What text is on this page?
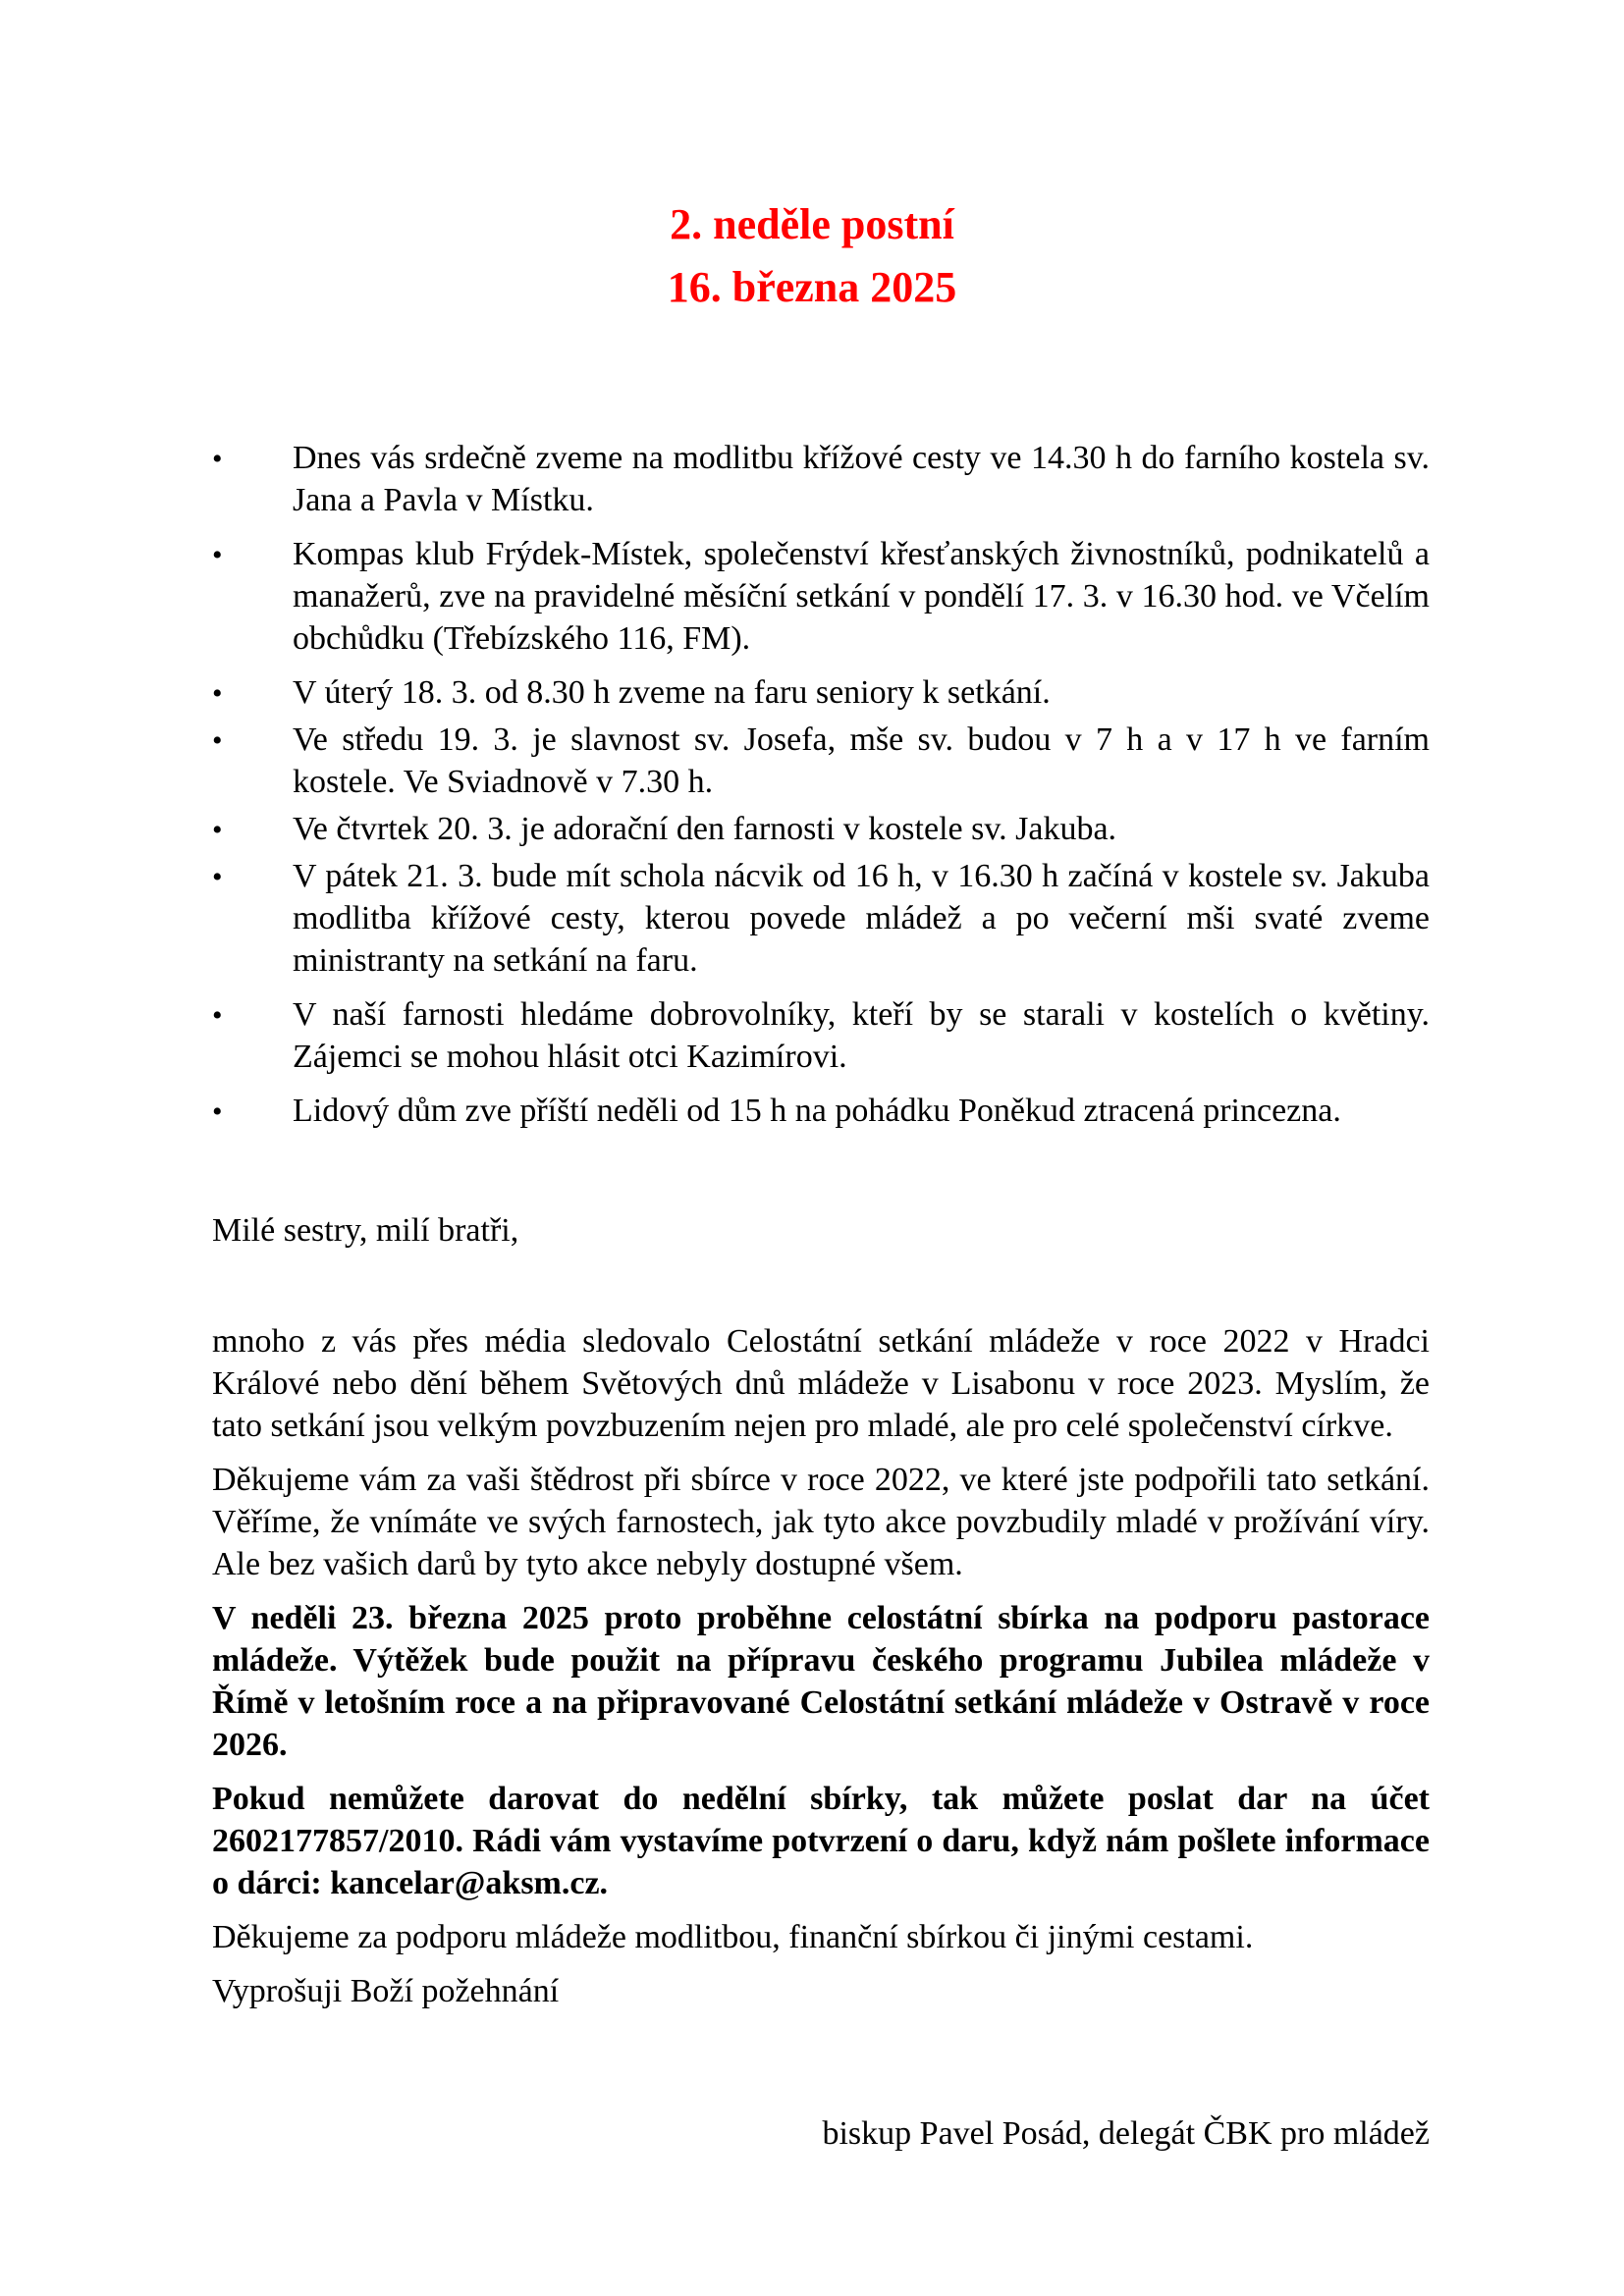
2. neděle postní
16. března 2025
• Dnes vás srdečně zveme na modlitbu křížové cesty ve 14.30 h do farního kostela sv. Jana a Pavla v Místku.
• Kompas klub Frýdek-Místek, společenství křesťanských živnostníků, podnikatelů a manažerů, zve na pravidelné měsíční setkání v pondělí 17. 3. v 16.30 hod. ve Včelím obchůdku (Třebízského 116, FM).
• V úterý 18. 3. od 8.30 h zveme na faru seniory k setkání.
• Ve středu 19. 3. je slavnost sv. Josefa, mše sv. budou v 7 h a v 17 h ve farním kostele. Ve Sviadnově v 7.30 h.
• Ve čtvrtek 20. 3. je adorační den farnosti v kostele sv. Jakuba.
• V pátek 21. 3. bude mít schola nácvik od 16 h, v 16.30 h začíná v kostele sv. Jakuba modlitba křížové cesty, kterou povede mládež a po večerní mši svaté zveme ministranty na setkání na faru.
• V naší farnosti hledáme dobrovolníky, kteří by se starali v kostelích o květiny. Zájemci se mohou hlásit otci Kazimírovi.
• Lidový dům zve příští neděli od 15 h na pohádku Poněkud ztracená princezna.

Milé sestry, milí bratři,

mnoho z vás přes média sledovalo Celostátní setkání mládeže v roce 2022 v Hradci Králové nebo dění během Světových dnů mládeže v Lisabonu v roce 2023. Myslím, že tato setkání jsou velkým povzbuzením nejen pro mladé, ale pro celé společenství církve.

Děkujeme vám za vaši štědrost při sbírce v roce 2022, ve které jste podpořili tato setkání. Věříme, že vnímáte ve svých farnostech, jak tyto akce povzbudily mladé v prožívání víry. Ale bez vašich darů by tyto akce nebyly dostupné všem.

V neděli 23. března 2025 proto proběhne celostátní sbírka na podporu pastorace mládeže. Výtěžek bude použit na přípravu českého programu Jubilea mládeže v Římě v letošním roce a na připravované Celostátní setkání mládeže v Ostravě v roce 2026.

Pokud nemůžete darovat do nedělní sbírky, tak můžete poslat dar na účet 2602177857/2010. Rádi vám vystavíme potvrzení o daru, když nám pošlete informace o dárci: kancelar@aksm.cz.

Děkujeme za podporu mládeže modlitbou, finanční sbírkou či jinými cestami.

Vyprošuji Boží požehnání

biskup Pavel Posád, delegát ČBK pro mládež
